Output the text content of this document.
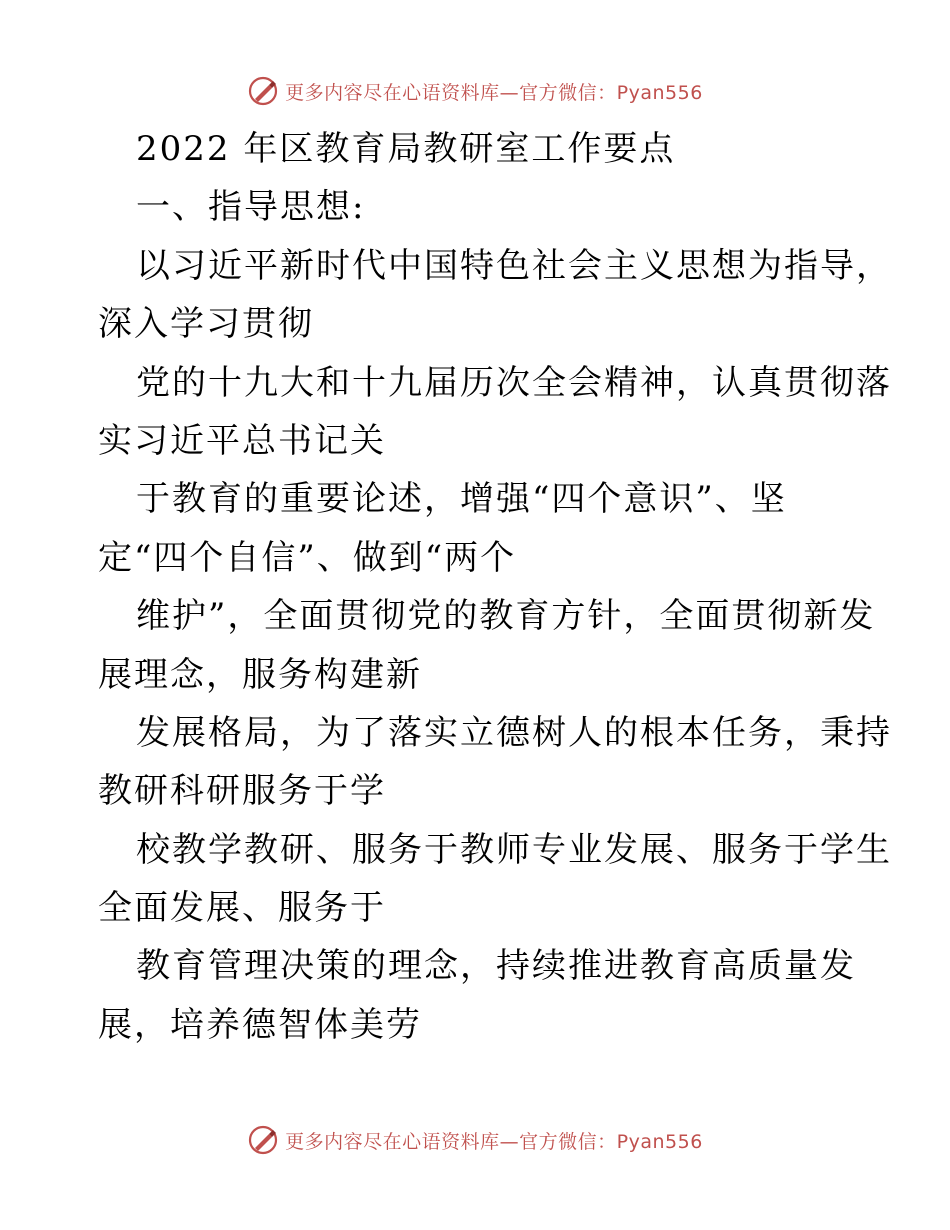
更多内容尽在心语资料库—官方微信：Pyan556
2022 年区教育局教研室工作要点
一、指导思想:
以习近平新时代中国特色社会主义思想为指导，
深入学习贯彻
党的十九大和十九届历次全会精神，认真贯彻落
实习近平总书记关
于教育的重要论述，增强“四个意识”、坚
定“四个自信”、做到“两个
维护”，全面贯彻党的教育方针，全面贯彻新发
展理念，服务构建新
发展格局，为了落实立德树人的根本任务，秉持
教研科研服务于学
校教学教研、服务于教师专业发展、服务于学生
全面发展、服务于
教育管理决策的理念，持续推进教育高质量发
展，培养德智体美劳
更多内容尽在心语资料库—官方微信：Pyan556
